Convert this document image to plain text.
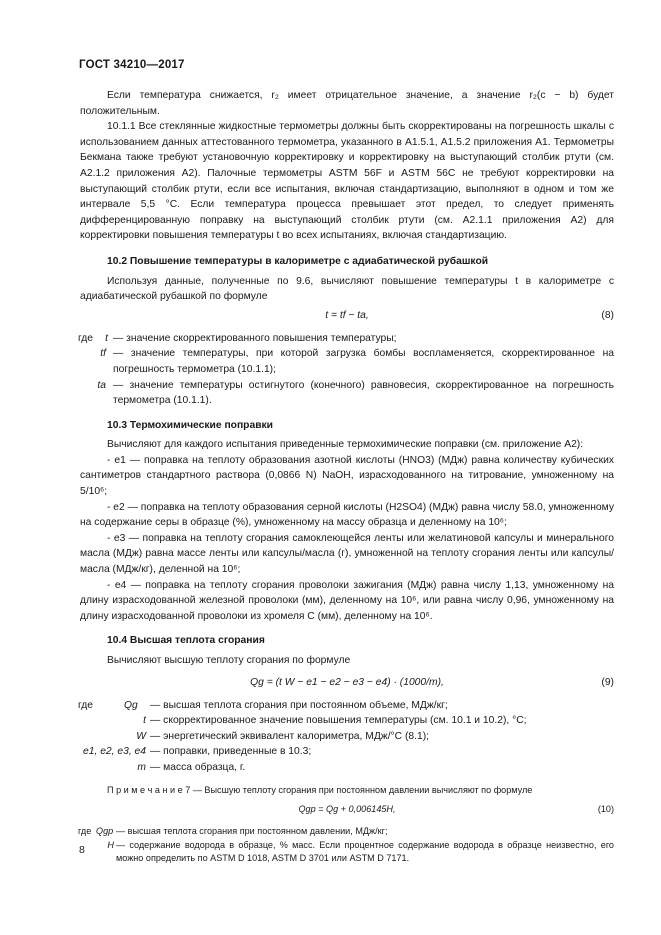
ГОСТ 34210—2017

Если температура снижается, r₂ имеет отрицательное значение, а значение r₂(c − b) будет положительным.

10.1.1 Все стеклянные жидкостные термометры должны быть скорректированы на погрешность шкалы с использованием данных аттестованного термометра, указанного в А1.5.1, А1.5.2 приложения А1. Термометры Бекмана также требуют установочную корректировку и корректировку на выступающий столбик ртути (см. А2.1.2 приложения А2). Палочные термометры ASTM 56F и ASTM 56C не требуют корректировки на выступающий столбик ртути, если все испытания, включая стандартизацию, выполняют в одном и том же интервале 5,5 °С. Если температура процесса превышает этот предел, то следует применять дифференцированную поправку на выступающий столбик ртути (см. А2.1.1 приложения А2) для корректировки повышения температуры t во всех испытаниях, включая стандартизацию.

10.2 Повышение температуры в калориметре с адиабатической рубашкой

Используя данные, полученные по 9.6, вычисляют повышение температуры t в калориметре с адиабатической рубашкой по формуле

t = tf − ta,	(8)
где	t — значение скорректированного повышения температуры;
tf — значение температуры, при которой загрузка бомбы воспламеняется, скорректированное на погрешность термометра (10.1.1);
ta — значение температуры остигнутого (конечного) равновесия, скорректированное на погрешность термометра (10.1.1).

10.3 Термохимические поправки

Вычисляют для каждого испытания приведенные термохимические поправки (см. приложение А2):

- e1 — поправка на теплоту образования азотной кислоты (HNO3) (МДж) равна количеству кубических сантиметров стандартного раствора (0,0866 N) NaOH, израсходованного на титрование, умноженному на 5/10⁶;

- e2 — поправка на теплоту образования серной кислоты (H2SO4) (МДж) равна числу 58.0, умноженному на содержание серы в образце (%), умноженному на массу образца и деленному на 10⁶;

- e3 — поправка на теплоту сгорания самоклеющейся ленты или желатиновой капсулы и минерального масла (МДж) равна массе ленты или капсулы/масла (г), умноженной на теплоту сгорания ленты или капсулы/масла (МДж/кг), деленной на 10⁶;

- e4 — поправка на теплоту сгорания проволоки зажигания (МДж) равна числу 1,13, умноженному на длину израсходованной железной проволоки (мм), деленному на 10⁶, или равна числу 0,96, умноженному на длину израсходованной проволоки из хромеля С (мм), деленному на 10⁶.

10.4 Высшая теплота сгорания

Вычисляют высшую теплоту сгорания по формуле

Qg = (t W − e1 − e2 − e3 − e4) · (1000/m),	(9)
где	Qg	— высшая теплота сгорания при постоянном объеме, МДж/кг;
t — скорректированное значение повышения температуры (см. 10.1 и 10.2), °С;
W — энергетический эквивалент калориметра, МДж/°С (8.1);
e1, e2, e3, e4 — поправки, приведенные в 10.3;
m — масса образца, г.

П р и м е ч а н и е 7 — Высшую теплоту сгорания при постоянном давлении вычисляют по формуле

Qgp = Qg + 0,006145H,	(10)
где Qgp — высшая теплота сгорания при постоянном давлении, МДж/кг;
H — содержание водорода в образце, % масс. Если процентное содержание водорода в образце неизвестно, его можно определить по ASTM D 1018, ASTM D 3701 или ASTM D 7171.
8
